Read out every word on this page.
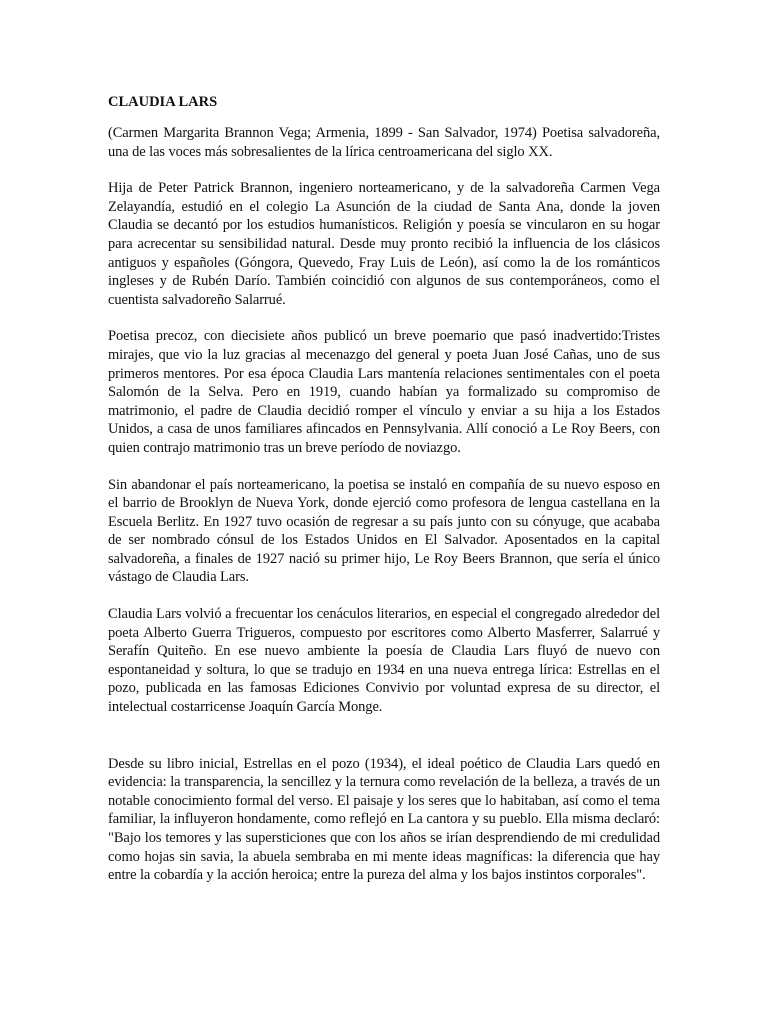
CLAUDIA LARS

(Carmen Margarita Brannon Vega; Armenia, 1899 - San Salvador, 1974) Poetisa salvadoreña, una de las voces más sobresalientes de la lírica centroamericana del siglo XX.

Hija de Peter Patrick Brannon, ingeniero norteamericano, y de la salvadoreña Carmen Vega Zelayandía, estudió en el colegio La Asunción de la ciudad de Santa Ana, donde la joven Claudia se decantó por los estudios humanísticos. Religión y poesía se vincularon en su hogar para acrecentar su sensibilidad natural. Desde muy pronto recibió la influencia de los clásicos antiguos y españoles (Góngora, Quevedo, Fray Luis de León), así como la de los románticos ingleses y de Rubén Darío. También coincidió con algunos de sus contemporáneos, como el cuentista salvadoreño Salarrué.

Poetisa precoz, con diecisiete años publicó un breve poemario que pasó inadvertido:Tristes mirajes, que vio la luz gracias al mecenazgo del general y poeta Juan José Cañas, uno de sus primeros mentores. Por esa época Claudia Lars mantenía relaciones sentimentales con el poeta Salomón de la Selva. Pero en 1919, cuando habían ya formalizado su compromiso de matrimonio, el padre de Claudia decidió romper el vínculo y enviar a su hija a los Estados Unidos, a casa de unos familiares afincados en Pennsylvania. Allí conoció a Le Roy Beers, con quien contrajo matrimonio tras un breve período de noviazgo.

Sin abandonar el país norteamericano, la poetisa se instaló en compañía de su nuevo esposo en el barrio de Brooklyn de Nueva York, donde ejerció como profesora de lengua castellana en la Escuela Berlitz. En 1927 tuvo ocasión de regresar a su país junto con su cónyuge, que acababa de ser nombrado cónsul de los Estados Unidos en El Salvador. Aposentados en la capital salvadoreña, a finales de 1927 nació su primer hijo, Le Roy Beers Brannon, que sería el único vástago de Claudia Lars.

Claudia Lars volvió a frecuentar los cenáculos literarios, en especial el congregado alrededor del poeta Alberto Guerra Trigueros, compuesto por escritores como Alberto Masferrer, Salarrué y Serafín Quiteño. En ese nuevo ambiente la poesía de Claudia Lars fluyó de nuevo con espontaneidad y soltura, lo que se tradujo en 1934 en una nueva entrega lírica: Estrellas en el pozo, publicada en las famosas Ediciones Convivio por voluntad expresa de su director, el intelectual costarricense Joaquín García Monge.

Desde su libro inicial, Estrellas en el pozo (1934), el ideal poético de Claudia Lars quedó en evidencia: la transparencia, la sencillez y la ternura como revelación de la belleza, a través de un notable conocimiento formal del verso. El paisaje y los seres que lo habitaban, así como el tema familiar, la influyeron hondamente, como reflejó en La cantora y su pueblo. Ella misma declaró: "Bajo los temores y las supersticiones que con los años se irían desprendiendo de mi credulidad como hojas sin savia, la abuela sembraba en mi mente ideas magníficas: la diferencia que hay entre la cobardía y la acción heroica; entre la pureza del alma y los bajos instintos corporales".
